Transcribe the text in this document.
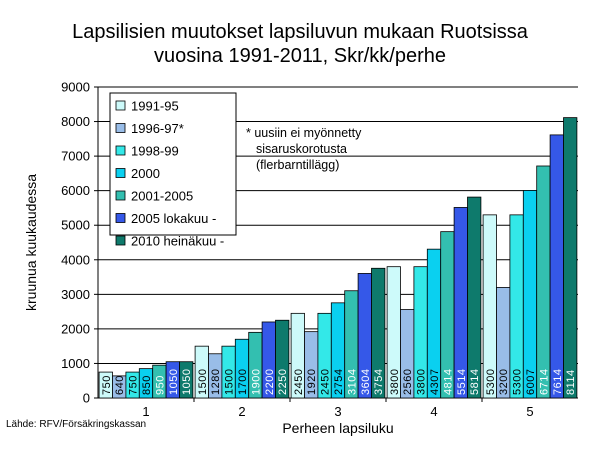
Lapsilisien muutokset lapsiluvun mukaan Ruotsissa
vuosina 1991-2011, Skr/kk/perhe
0
1000
2000
3000
4000
5000
6000
7000
8000
9000
1	2	3	4	5
750 640 750 850 950 1050 1050 1500 1280 1500 1700 1900 2200 2250 2450 1920 2450 2754 3104 3604 3754 3800 2560 3800 4307 4814 5514 5814 5300 3200 5300 6007 6714 7614 8114
Perheen lapsiluku
kruunua kuukaudessa
1991-95
1996-97*
1998-99
2000
2001-2005
2005 lokakuu -
2010 heinäkuu -
* uusiin ei myönnetty
sisaruskorotusta
(flerbarntillägg)
Lähde: RFV/Försäkringskassan
